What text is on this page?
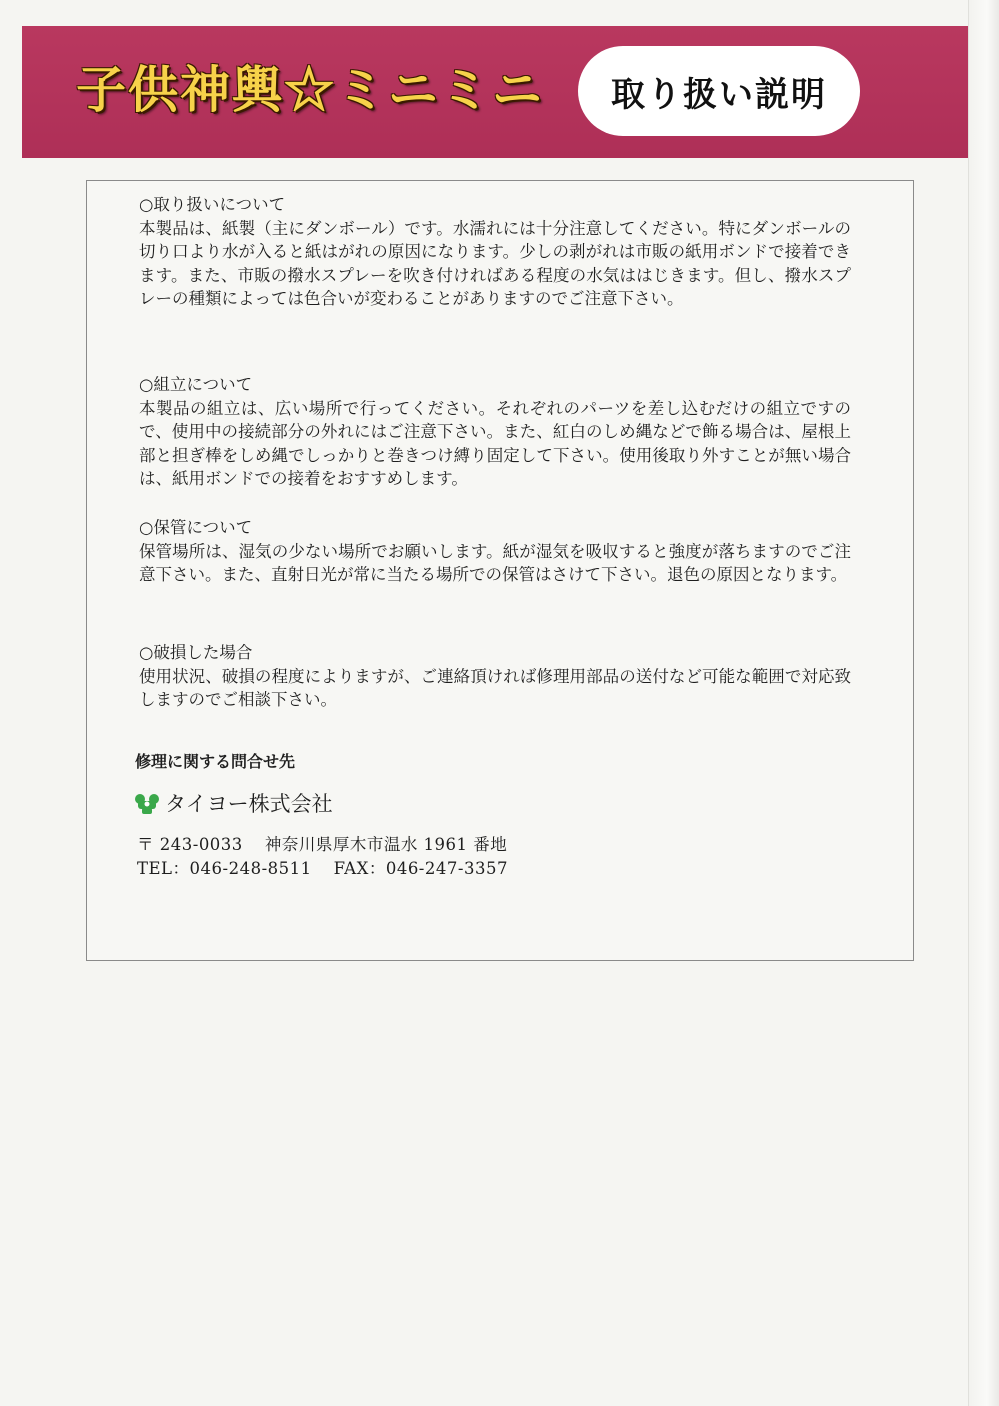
子供神輿☆ミニミニ	取り扱い説明

○取り扱いについて

本製品は、紙製（主にダンボール）です。水濡れには十分注意してください。特にダンボールの切り口より水が入ると紙はがれの原因になります。少しの剥がれは市販の紙用ボンドで接着できます。また、市販の撥水スプレーを吹き付ければある程度の水気ははじきます。但し、撥水スプレーの種類によっては色合いが変わることがありますのでご注意下さい。

○組立について

本製品の組立は、広い場所で行ってください。それぞれのパーツを差し込むだけの組立ですので、使用中の接続部分の外れにはご注意下さい。また、紅白のしめ縄などで飾る場合は、屋根上部と担ぎ棒をしめ縄でしっかりと巻きつけ縛り固定して下さい。使用後取り外すことが無い場合は、紙用ボンドでの接着をおすすめします。

○保管について

保管場所は、湿気の少ない場所でお願いします。紙が湿気を吸収すると強度が落ちますのでご注意下さい。また、直射日光が常に当たる場所での保管はさけて下さい。退色の原因となります。

○破損した場合

使用状況、破損の程度によりますが、ご連絡頂ければ修理用部品の送付など可能な範囲で対応致しますのでご相談下さい。

修理に関する問合せ先
タイヨー株式会社
〒 243-0033 神奈川県厚木市温水 1961 番地
TEL：046-248-8511 FAX：046-247-3357
